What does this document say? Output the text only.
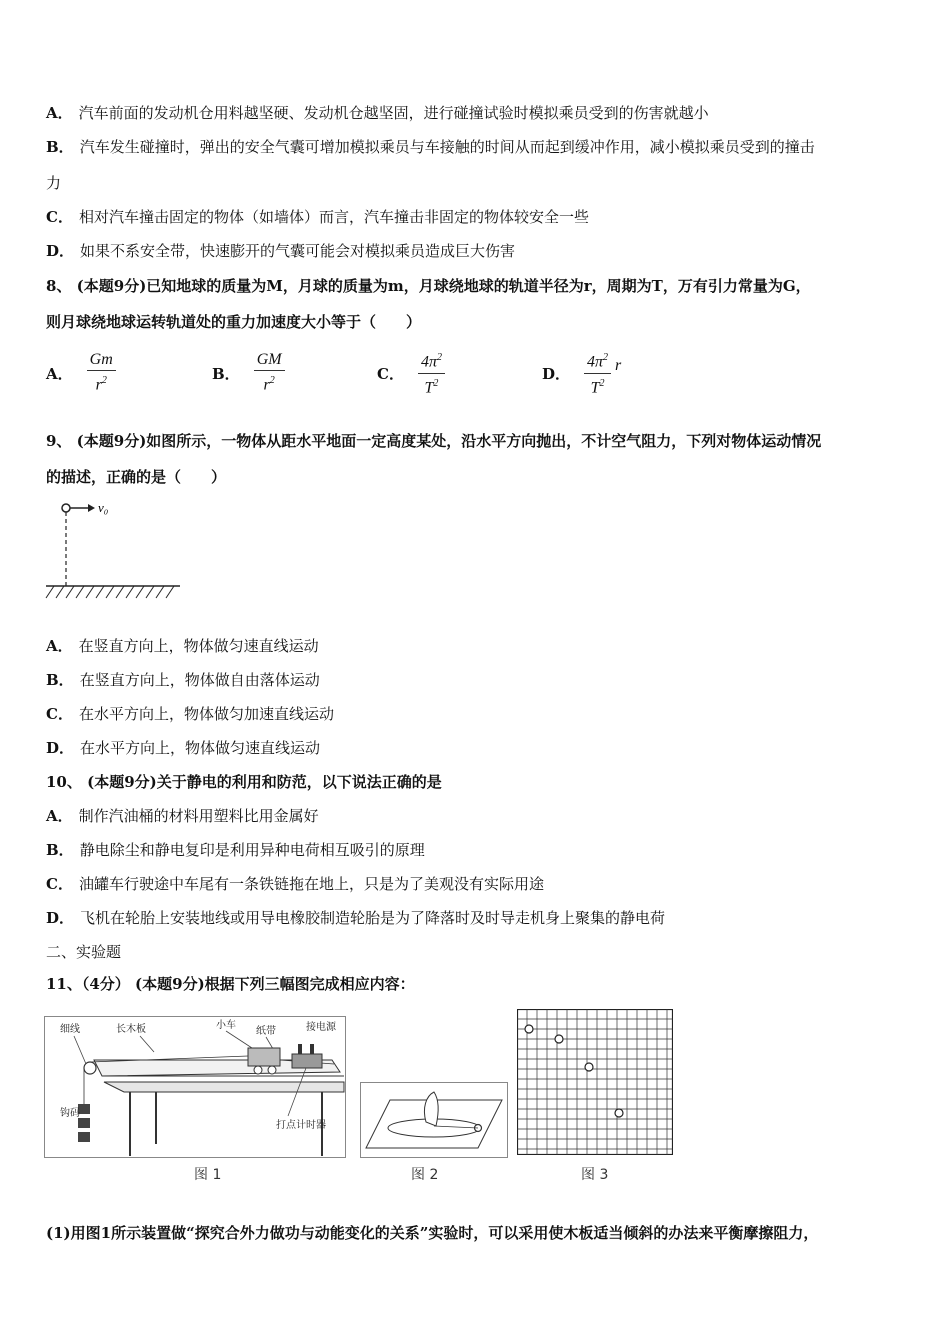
A． 汽车前面的发动机仓用料越坚硬、发动机仓越坚固，进行碰撞试验时模拟乘员受到的伤害就越小
B． 汽车发生碰撞时，弹出的安全气囊可增加模拟乘员与车接触的时间从而起到缓冲作用，减小模拟乘员受到的撞击
力
C． 相对汽车撞击固定的物体（如墙体）而言，汽车撞击非固定的物体较安全一些
D． 如果不系安全带，快速膨开的气囊可能会对模拟乘员造成巨大伤害
8、 (本题9分)已知地球的质量为M，月球的质量为m，月球绕地球的轨道半径为r，周期为T，万有引力常量为G，
则月球绕地球运转轨道处的重力加速度大小等于（　　）
A． $\frac{Gm}{r^2}$	B． $\frac{GM}{r^2}$	C． $\frac{4\pi^2}{T^2}$	D． $\frac{4\pi^2}{T^2}$ r
9、 (本题9分)如图所示，一物体从距水平地面一定高度某处，沿水平方向抛出，不计空气阻力，下列对物体运动情况
的描述，正确的是（　　）
v₀
A． 在竖直方向上，物体做匀速直线运动
B． 在竖直方向上，物体做自由落体运动
C． 在水平方向上，物体做匀加速直线运动
D． 在水平方向上，物体做匀速直线运动
10、 (本题9分)关于静电的利用和防范，以下说法正确的是
A． 制作汽油桶的材料用塑料比用金属好
B． 静电除尘和静电复印是利用异种电荷相互吸引的原理
C． 油罐车行驶途中车尾有一条铁链拖在地上，只是为了美观没有实际用途
D． 飞机在轮胎上安装地线或用导电橡胶制造轮胎是为了降落时及时导走机身上聚集的静电荷
二、实验题
11、（4分） (本题9分)根据下列三幅图完成相应内容：
细线	长木板	小车
纸带	接电源
钩码
打点计时器
图 1	图 2	图 3
(1)用图1所示装置做“探究合外力做功与动能变化的关系”实验时，可以采用使木板适当倾斜的办法来平衡摩擦阻力，
